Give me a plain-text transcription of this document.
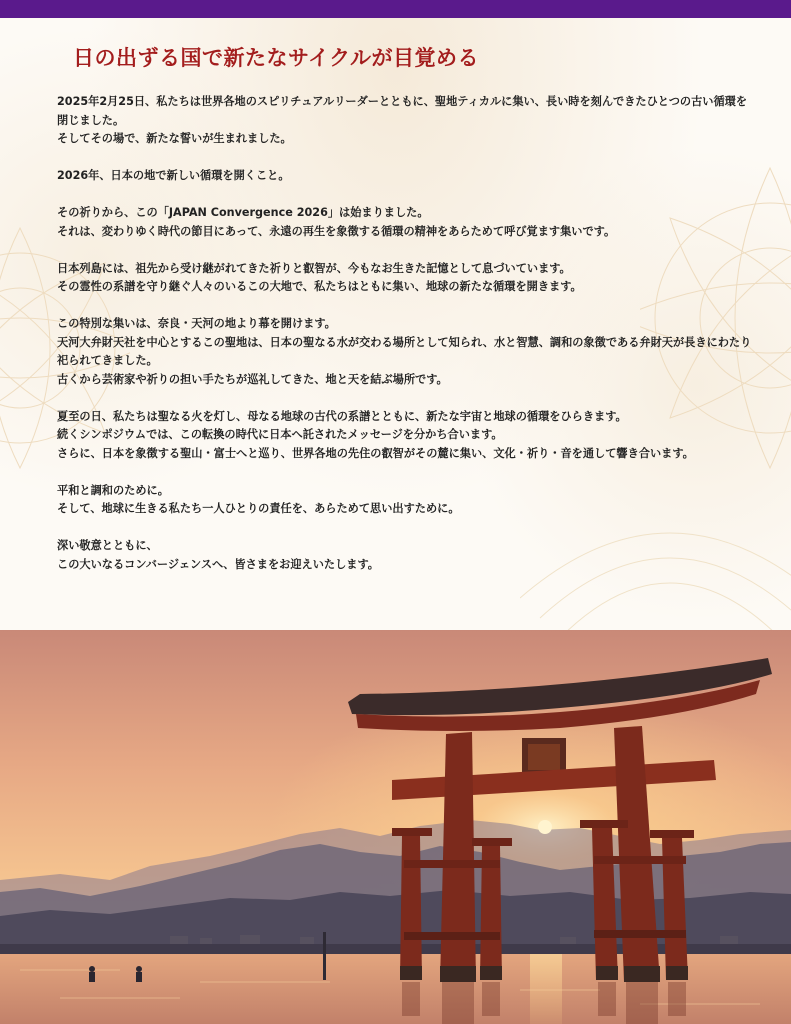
日の出ずる国で新たなサイクルが目覚める

2025年2月25日、私たちは世界各地のスピリチュアルリーダーとともに、聖地ティカルに集い、長い時を刻んできたひとつの古い循環を閉じました。
そしてその場で、新たな誓いが生まれました。

2026年、日本の地で新しい循環を開くこと。

その祈りから、この「JAPAN Convergence 2026」は始まりました。
それは、変わりゆく時代の節目にあって、永遠の再生を象徴する循環の精神をあらためて呼び覚ます集いです。

日本列島には、祖先から受け継がれてきた祈りと叡智が、今もなお生きた記憶として息づいています。
その霊性の系譜を守り継ぐ人々のいるこの大地で、私たちはともに集い、地球の新たな循環を開きます。

この特別な集いは、奈良・天河の地より幕を開けます。
天河大弁財天社を中心とするこの聖地は、日本の聖なる水が交わる場所として知られ、水と智慧、調和の象徴である弁財天が長きにわたり祀られてきました。
古くから芸術家や祈りの担い手たちが巡礼してきた、地と天を結ぶ場所です。

夏至の日、私たちは聖なる火を灯し、母なる地球の古代の系譜とともに、新たな宇宙と地球の循環をひらきます。
続くシンポジウムでは、この転換の時代に日本へ託されたメッセージを分かち合います。
さらに、日本を象徴する聖山・富士へと巡り、世界各地の先住の叡智がその麓に集い、文化・祈り・音を通して響き合います。

平和と調和のために。
そして、地球に生きる私たち一人ひとりの責任を、あらためて思い出すために。

深い敬意とともに、
この大いなるコンバージェンスへ、皆さまをお迎えいたします。
